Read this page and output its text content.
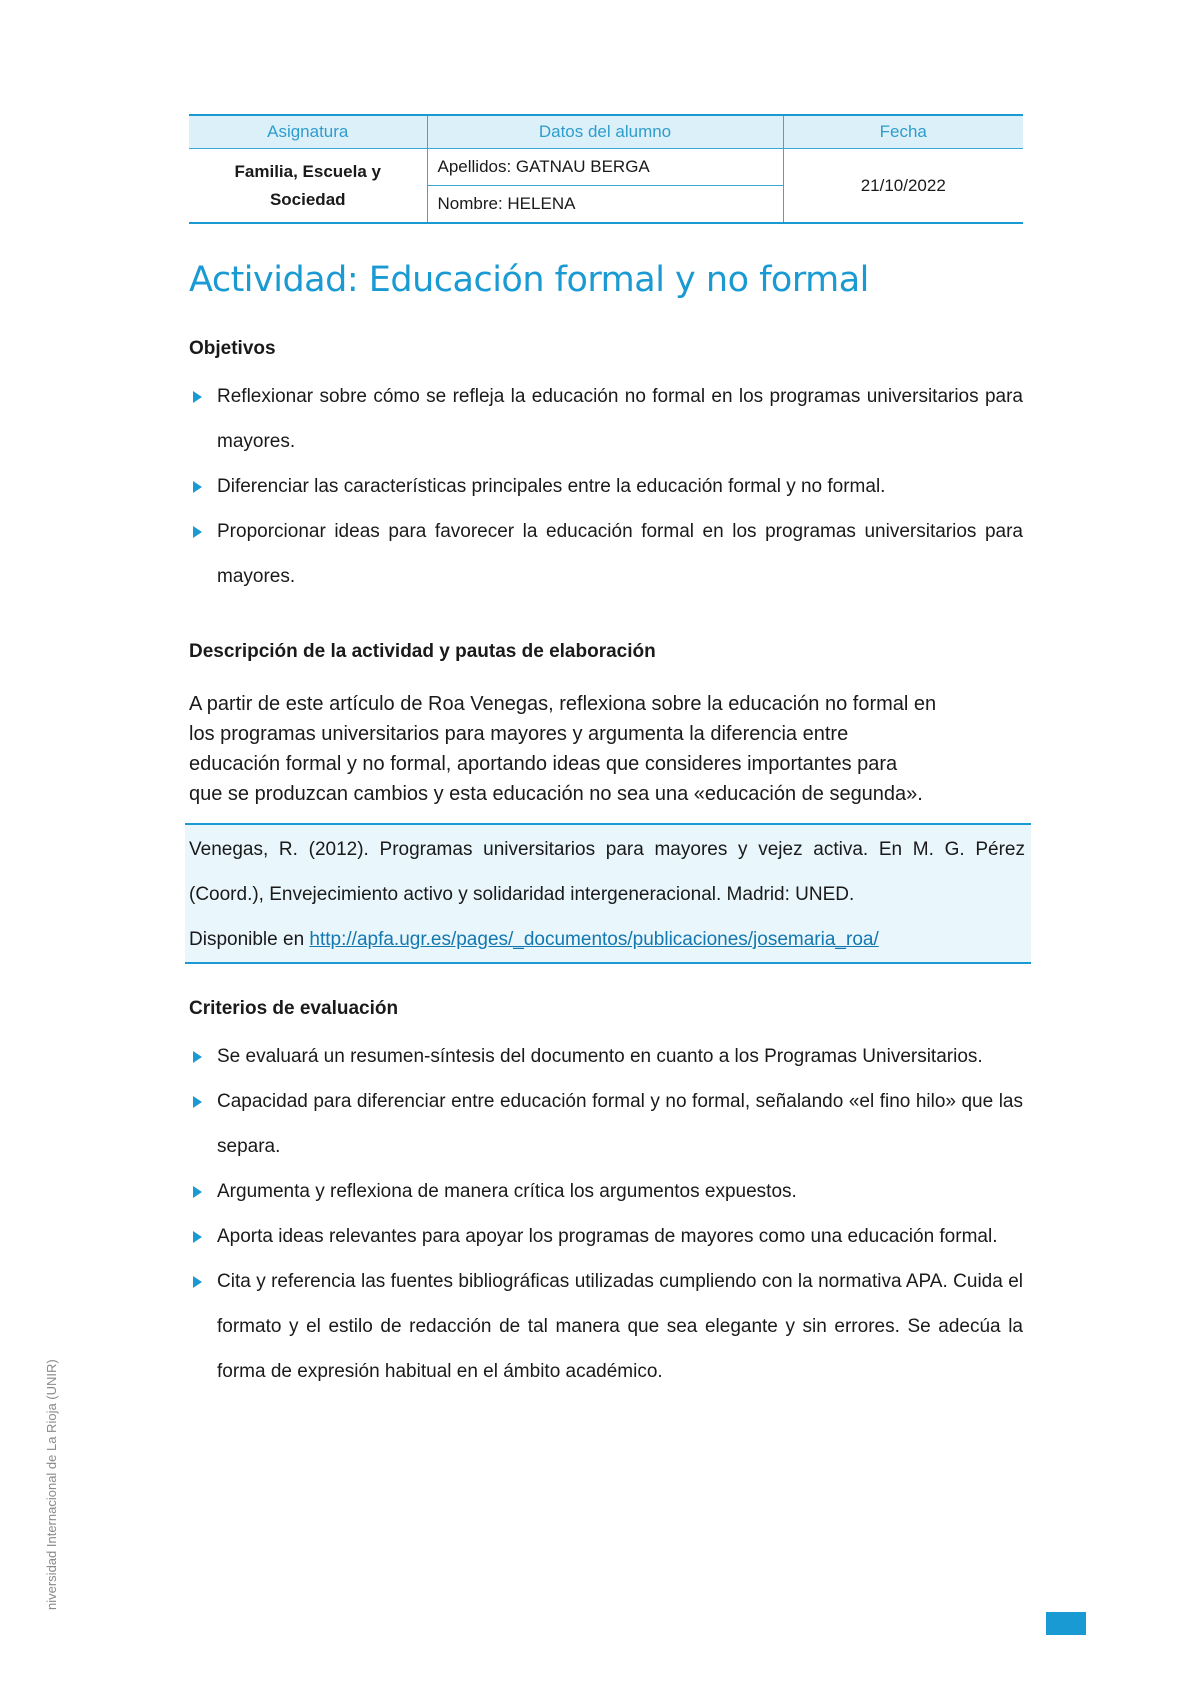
Asignatura	Datos del alumno	Fecha
Familia, Escuela y
Sociedad	Apellidos: GATNAU BERGA	21/10/2022
	Nombre: HELENA	
Actividad: Educación formal y no formal
Objetivos
Reflexionar sobre cómo se refleja la educación no formal en los programas universitarios para mayores.
Diferenciar las características principales entre la educación formal y no formal.
Proporcionar ideas para favorecer la educación formal en los programas universitarios para mayores.
Descripción de la actividad y pautas de elaboración

A partir de este artículo de Roa Venegas, reflexiona sobre la educación no formal en

los programas universitarios para mayores y argumenta la diferencia entre

educación formal y no formal, aportando ideas que consideres importantes para

que se produzcan cambios y esta educación no sea una «educación de segunda».

Venegas, R. (2012). Programas universitarios para mayores y vejez activa. En M. G. Pérez (Coord.), Envejecimiento activo y solidaridad intergeneracional. Madrid: UNED.
Disponible en http://apfa.ugr.es/pages/_documentos/publicaciones/josemaria_roa/
Criterios de evaluación
Se evaluará un resumen-síntesis del documento en cuanto a los Programas Universitarios.
Capacidad para diferenciar entre educación formal y no formal, señalando «el fino hilo» que las separa.
Argumenta y reflexiona de manera crítica los argumentos expuestos.
Aporta ideas relevantes para apoyar los programas de mayores como una educación formal.
Cita y referencia las fuentes bibliográficas utilizadas cumpliendo con la normativa APA. Cuida el formato y el estilo de redacción de tal manera que sea elegante y sin errores. Se adecúa la forma de expresión habitual en el ámbito académico.
niversidad Internacional de La Rioja (UNIR)
